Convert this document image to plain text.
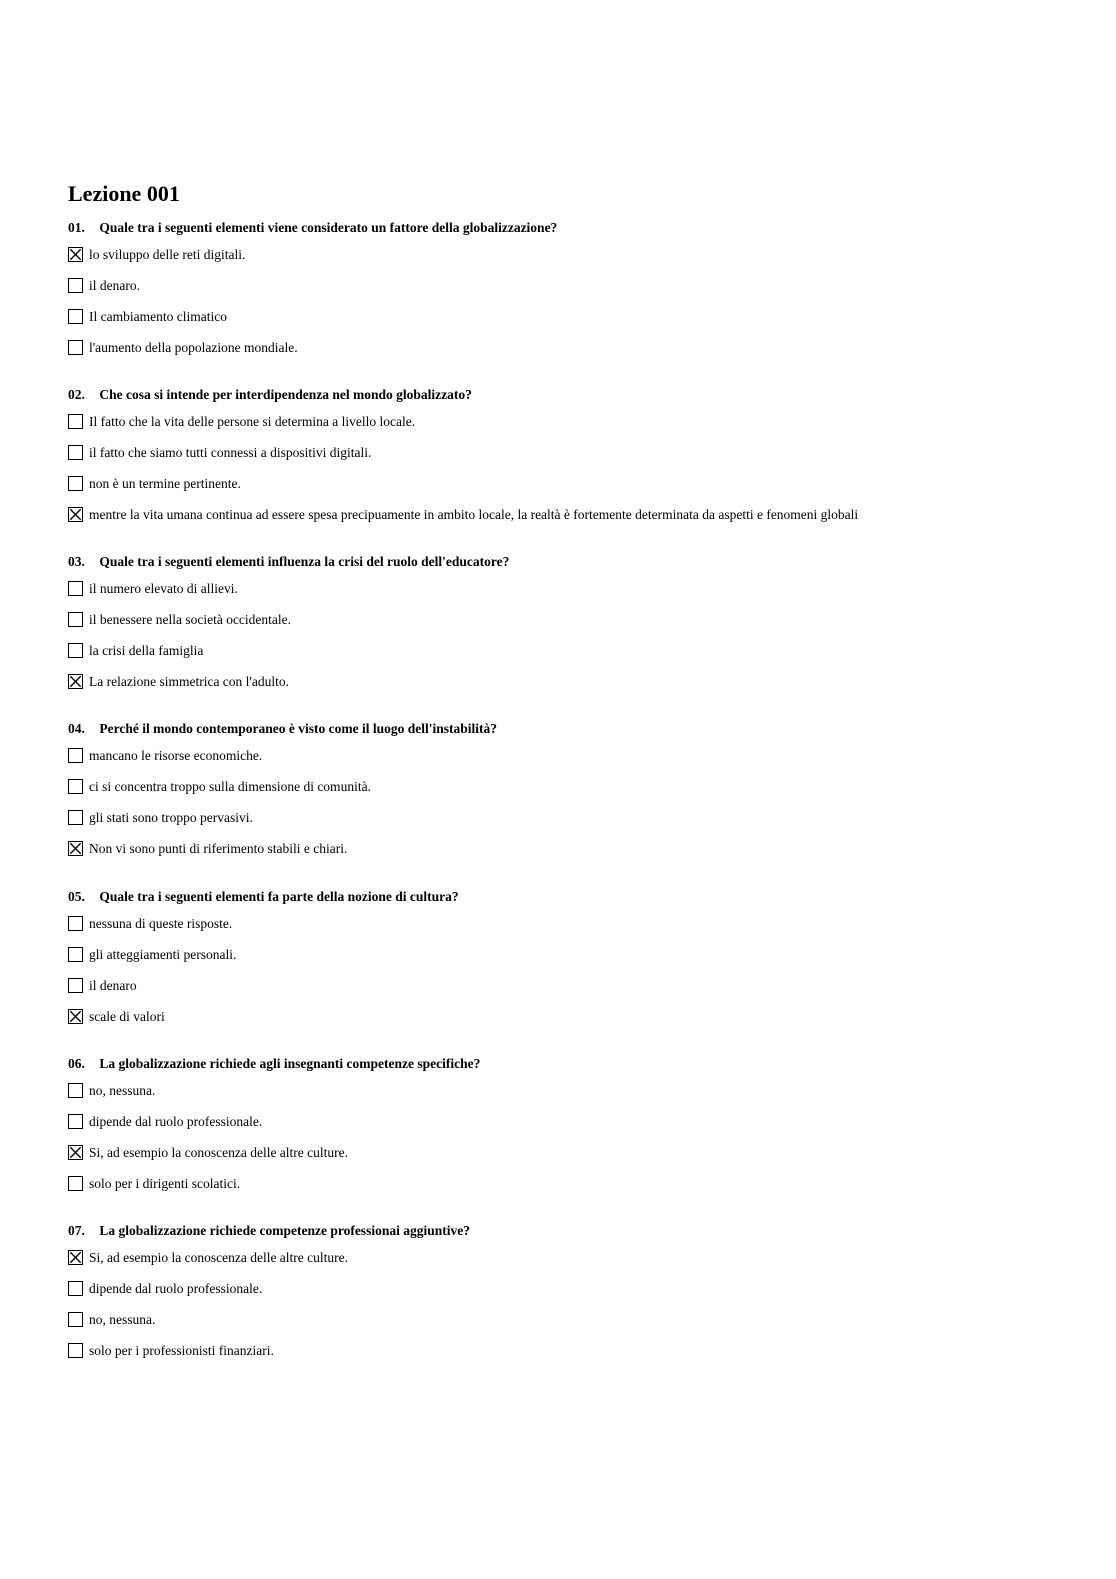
Lezione 001
01. Quale tra i seguenti elementi viene considerato un fattore della globalizzazione?
lo sviluppo delle reti digitali.
il denaro.
Il cambiamento climatico
l'aumento della popolazione mondiale.
02. Che cosa si intende per interdipendenza nel mondo globalizzato?
Il fatto che la vita delle persone si determina a livello locale.
il fatto che siamo tutti connessi a dispositivi digitali.
non è un termine pertinente.
mentre la vita umana continua ad essere spesa precipuamente in ambito locale, la realtà è fortemente determinata da aspetti e fenomeni globali
03. Quale tra i seguenti elementi influenza la crisi del ruolo dell'educatore?
il numero elevato di allievi.
il benessere nella società occidentale.
la crisi della famiglia
La relazione simmetrica con l'adulto.
04. Perché il mondo contemporaneo è visto come il luogo dell'instabilità?
mancano le risorse economiche.
ci si concentra troppo sulla dimensione di comunità.
gli stati sono troppo pervasivi.
Non vi sono punti di riferimento stabili e chiari.
05. Quale tra i seguenti elementi fa parte della nozione di cultura?
nessuna di queste risposte.
gli atteggiamenti personali.
il denaro
scale di valori
06. La globalizzazione richiede agli insegnanti competenze specifiche?
no, nessuna.
dipende dal ruolo professionale.
Si, ad esempio la conoscenza delle altre culture.
solo per i dirigenti scolatici.
07. La globalizzazione richiede competenze professionai aggiuntive?
Si, ad esempio la conoscenza delle altre culture.
dipende dal ruolo professionale.
no, nessuna.
solo per i professionisti finanziari.
